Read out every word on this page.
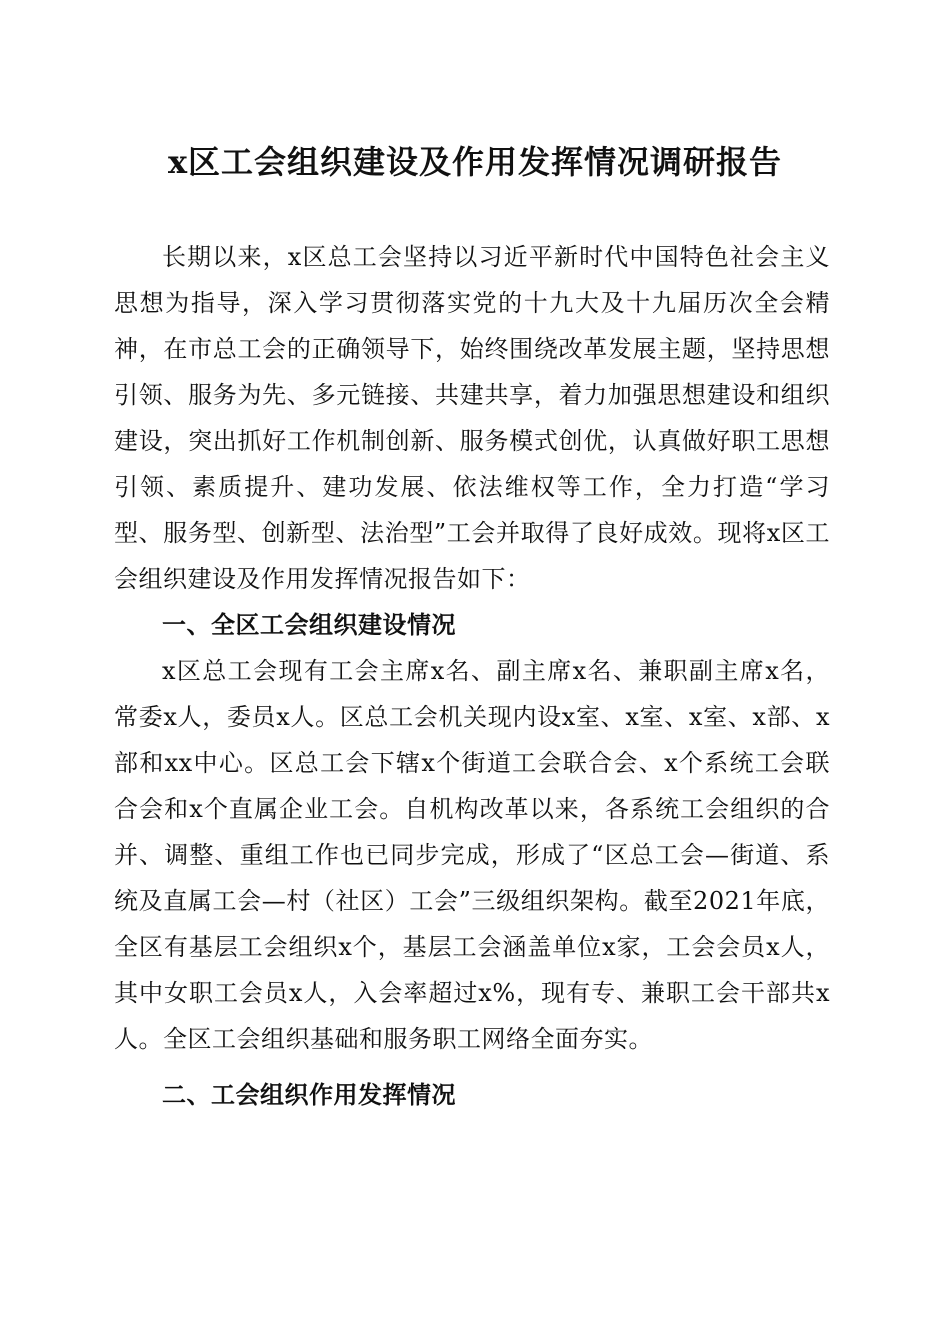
x区工会组织建设及作用发挥情况调研报告

长期以来，x区总工会坚持以习近平新时代中国特色社会主义思想为指导，深入学习贯彻落实党的十九大及十九届历次全会精神，在市总工会的正确领导下，始终围绕改革发展主题，坚持思想引领、服务为先、多元链接、共建共享，着力加强思想建设和组织建设，突出抓好工作机制创新、服务模式创优，认真做好职工思想引领、素质提升、建功发展、依法维权等工作，全力打造“学习型、服务型、创新型、法治型”工会并取得了良好成效。现将x区工会组织建设及作用发挥情况报告如下：

一、全区工会组织建设情况

x区总工会现有工会主席x名、副主席x名、兼职副主席x名，常委x人，委员x人。区总工会机关现内设x室、x室、x室、x部、x部和xx中心。区总工会下辖x个街道工会联合会、x个系统工会联合会和x个直属企业工会。自机构改革以来，各系统工会组织的合并、调整、重组工作也已同步完成，形成了“区总工会—街道、系统及直属工会—村（社区）工会”三级组织架构。截至2021年底，全区有基层工会组织x个，基层工会涵盖单位x家，工会会员x人，其中女职工会员x人，入会率超过x%，现有专、兼职工会干部共x人。全区工会组织基础和服务职工网络全面夯实。

二、工会组织作用发挥情况
